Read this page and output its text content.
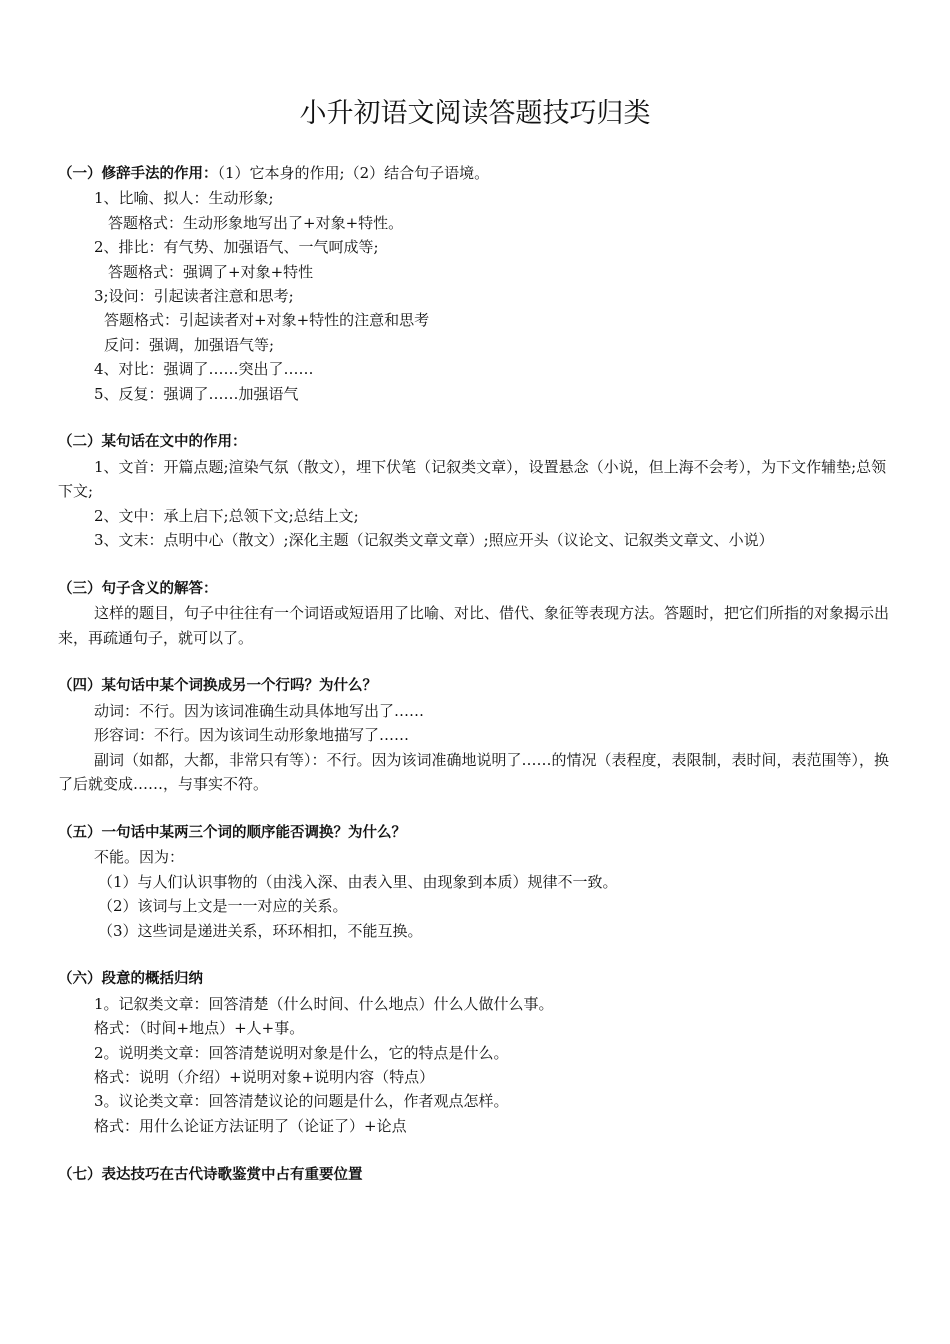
小升初语文阅读答题技巧归类

（一）修辞手法的作用：（1）它本身的作用;（2）结合句子语境。

1、比喻、拟人：生动形象;

答题格式：生动形象地写出了+对象+特性。

2、排比：有气势、加强语气、一气呵成等;

答题格式：强调了+对象+特性

3;设问：引起读者注意和思考;

答题格式：引起读者对+对象+特性的注意和思考

反问：强调，加强语气等;

4、对比：强调了……突出了……

5、反复：强调了……加强语气

（二）某句话在文中的作用：

1、文首：开篇点题;渲染气氛（散文），埋下伏笔（记叙类文章），设置悬念（小说，但上海不会考），为下文作辅垫;总领下文;

2、文中：承上启下;总领下文;总结上文;

3、文末：点明中心（散文）;深化主题（记叙类文章文章）;照应开头（议论文、记叙类文章文、小说）

（三）句子含义的解答：

这样的题目，句子中往往有一个词语或短语用了比喻、对比、借代、象征等表现方法。答题时，把它们所指的对象揭示出来，再疏通句子，就可以了。

（四）某句话中某个词换成另一个行吗？为什么？

动词：不行。因为该词准确生动具体地写出了……

形容词：不行。因为该词生动形象地描写了……

副词（如都，大都，非常只有等）：不行。因为该词准确地说明了……的情况（表程度，表限制，表时间，表范围等），换了后就变成……，与事实不符。

（五）一句话中某两三个词的顺序能否调换？为什么？

不能。因为：

（1）与人们认识事物的（由浅入深、由表入里、由现象到本质）规律不一致。

（2）该词与上文是一一对应的关系。

（3）这些词是递进关系，环环相扣，不能互换。

（六）段意的概括归纳

1。记叙类文章：回答清楚（什么时间、什么地点）什么人做什么事。

格式：（时间+地点）+人+事。

2。说明类文章：回答清楚说明对象是什么，它的特点是什么。

格式：说明（介绍）+说明对象+说明内容（特点）

3。议论类文章：回答清楚议论的问题是什么，作者观点怎样。

格式：用什么论证方法证明了（论证了）+论点

（七）表达技巧在古代诗歌鉴赏中占有重要位置
